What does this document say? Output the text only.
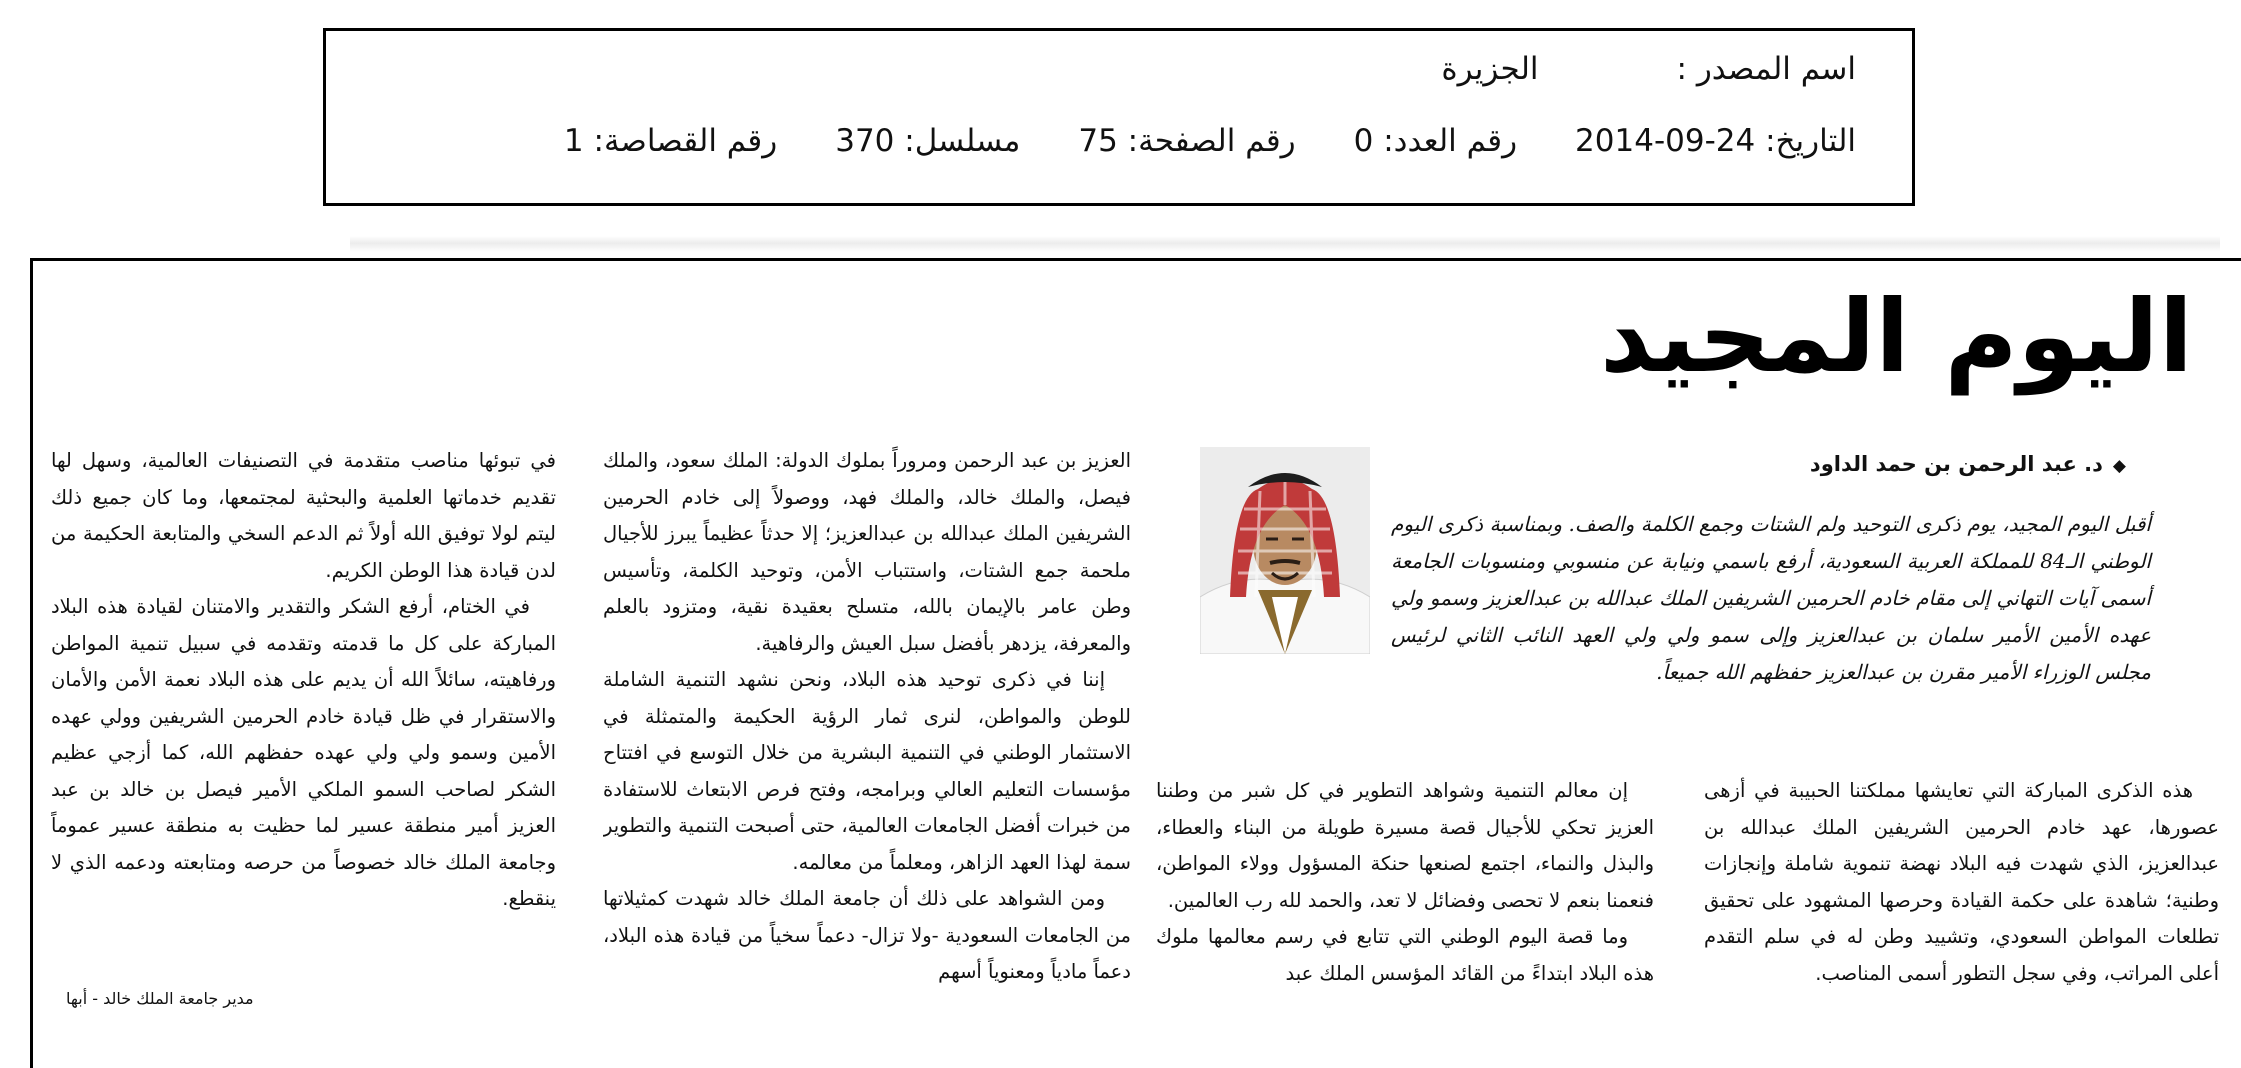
اسم المصدر :الجزيرة
التاريخ: 24-09-2014رقم العدد: 0رقم الصفحة: 75مسلسل: 370رقم القصاصة: 1
اليوم المجيد
◆د. عبد الرحمن بن حمد الداود

أقبل اليوم المجيد، يوم ذكرى التوحيد ولم الشتات وجمع الكلمة والصف. وبمناسبة ذكرى اليوم الوطني الـ84 للمملكة العربية السعودية، أرفع باسمي ونيابة عن منسوبي ومنسوبات الجامعة أسمى آيات التهاني إلى مقام خادم الحرمين الشريفين الملك عبدالله بن عبدالعزيز وسمو ولي عهده الأمين الأمير سلمان بن عبدالعزيز وإلى سمو ولي ولي العهد النائب الثاني لرئيس مجلس الوزراء الأمير مقرن بن عبدالعزيز حفظهم الله جميعاً.

هذه الذكرى المباركة التي تعايشها مملكتنا الحبيبة في أزهى عصورها، عهد خادم الحرمين الشريفين الملك عبدالله بن عبدالعزيز، الذي شهدت فيه البلاد نهضة تنموية شاملة وإنجازات وطنية؛ شاهدة على حكمة القيادة وحرصها المشهود على تحقيق تطلعات المواطن السعودي، وتشييد وطن له في سلم التقدم أعلى المراتب، وفي سجل التطور أسمى المناصب.

إن معالم التنمية وشواهد التطوير في كل شبر من وطننا العزيز تحكي للأجيال قصة مسيرة طويلة من البناء والعطاء، والبذل والنماء، اجتمع لصنعها حنكة المسؤول وولاء المواطن، فنعمنا بنعم لا تحصى وفضائل لا تعد، والحمد لله رب العالمين.

وما قصة اليوم الوطني التي تتابع في رسم معالمها ملوك هذه البلاد ابتداءً من القائد المؤسس الملك عبد

العزيز بن عبد الرحمن ومروراً بملوك الدولة: الملك سعود، والملك فيصل، والملك خالد، والملك فهد، ووصولاً إلى خادم الحرمين الشريفين الملك عبدالله بن عبدالعزيز؛ إلا حدثاً عظيماً يبرز للأجيال ملحمة جمع الشتات، واستتباب الأمن، وتوحيد الكلمة، وتأسيس وطن عامر بالإيمان بالله، متسلح بعقيدة نقية، ومتزود بالعلم والمعرفة، يزدهر بأفضل سبل العيش والرفاهية.

إننا في ذكرى توحيد هذه البلاد، ونحن نشهد التنمية الشاملة للوطن والمواطن، لنرى ثمار الرؤية الحكيمة والمتمثلة في الاستثمار الوطني في التنمية البشرية من خلال التوسع في افتتاح مؤسسات التعليم العالي وبرامجه، وفتح فرص الابتعاث للاستفادة من خبرات أفضل الجامعات العالمية، حتى أصبحت التنمية والتطوير سمة لهذا العهد الزاهر، ومعلماً من معالمه.

ومن الشواهد على ذلك أن جامعة الملك خالد شهدت كمثيلاتها من الجامعات السعودية -ولا تزال- دعماً سخياً من قيادة هذه البلاد، دعماً مادياً ومعنوياً أسهم

في تبوئها مناصب متقدمة في التصنيفات العالمية، وسهل لها تقديم خدماتها العلمية والبحثية لمجتمعها، وما كان جميع ذلك ليتم لولا توفيق الله أولاً ثم الدعم السخي والمتابعة الحكيمة من لدن قيادة هذا الوطن الكريم.

في الختام، أرفع الشكر والتقدير والامتنان لقيادة هذه البلاد المباركة على كل ما قدمته وتقدمه في سبيل تنمية المواطن ورفاهيته، سائلاً الله أن يديم على هذه البلاد نعمة الأمن والأمان والاستقرار في ظل قيادة خادم الحرمين الشريفين وولي عهده الأمين وسمو ولي ولي عهده حفظهم الله، كما أزجي عظيم الشكر لصاحب السمو الملكي الأمير فيصل بن خالد بن عبد العزيز أمير منطقة عسير لما حظيت به منطقة عسير عموماً وجامعة الملك خالد خصوصاً من حرصه ومتابعته ودعمه الذي لا ينقطع.

مدير جامعة الملك خالد - أبها
